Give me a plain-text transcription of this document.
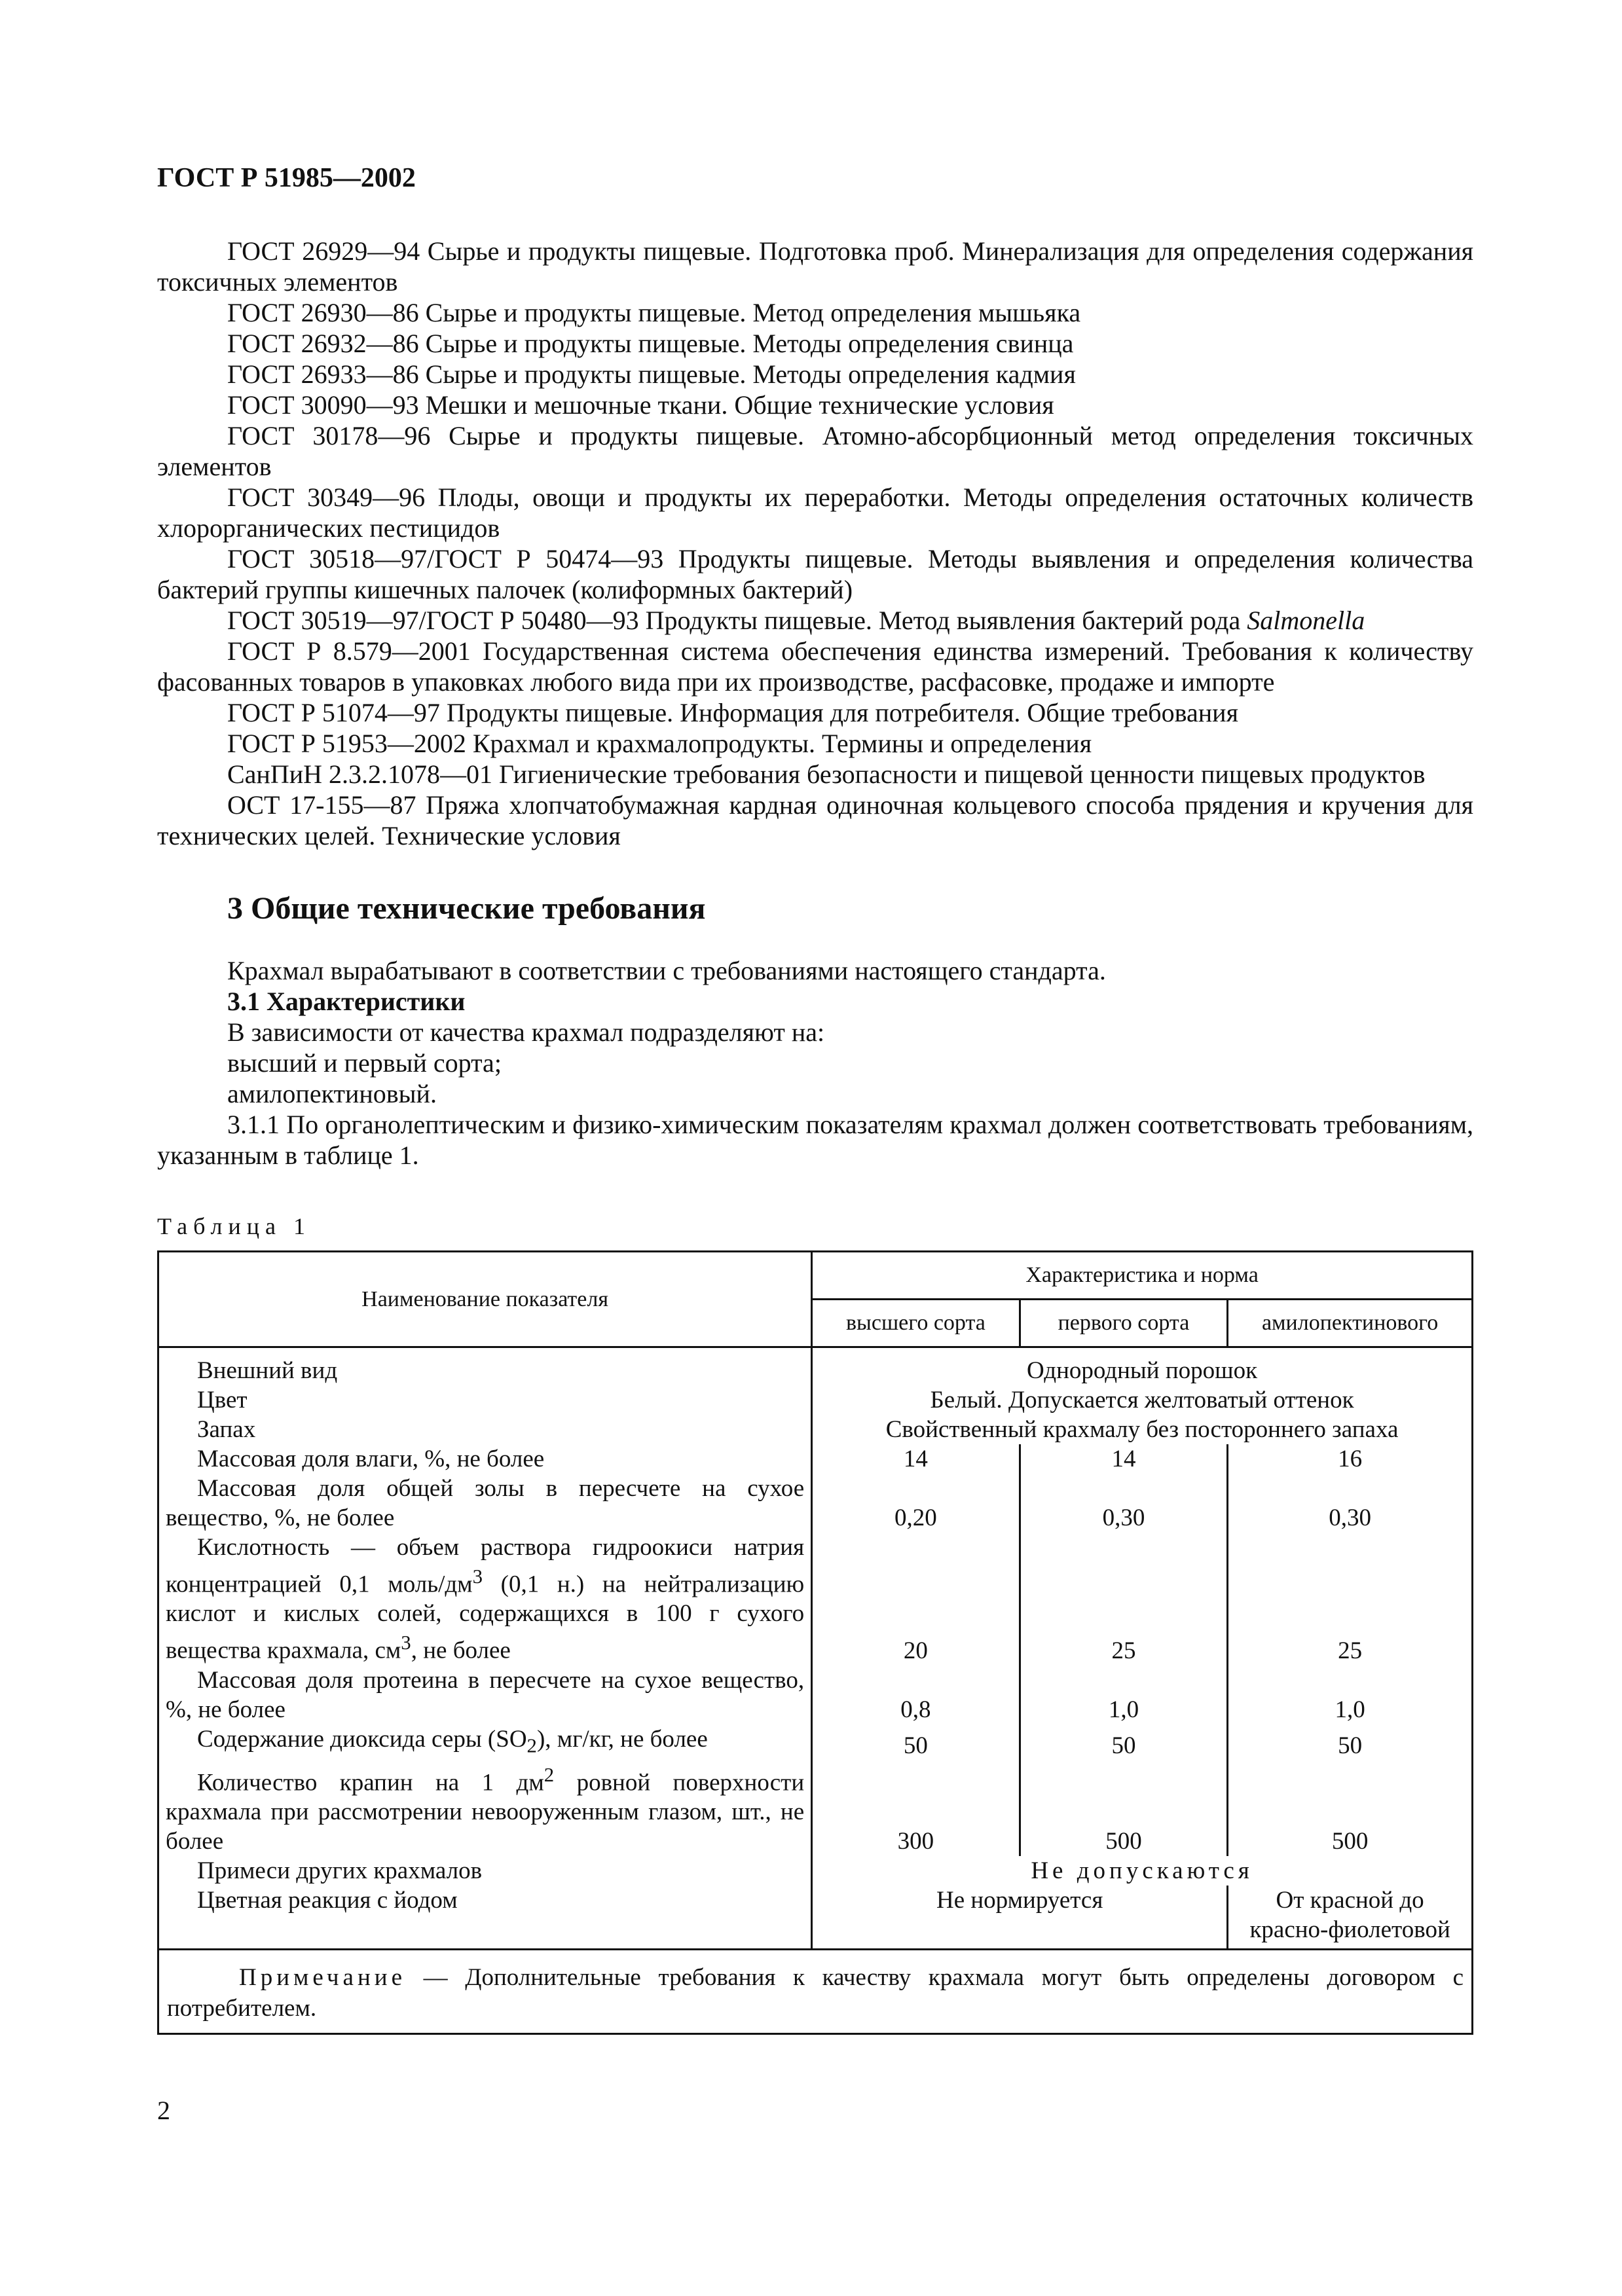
ГОСТ Р 51985—2002

ГОСТ 26929—94 Сырье и продукты пищевые. Подготовка проб. Минерализация для определения содержания токсичных элементов

ГОСТ 26930—86 Сырье и продукты пищевые. Метод определения мышьяка

ГОСТ 26932—86 Сырье и продукты пищевые. Методы определения свинца

ГОСТ 26933—86 Сырье и продукты пищевые. Методы определения кадмия

ГОСТ 30090—93 Мешки и мешочные ткани. Общие технические условия

ГОСТ 30178—96 Сырье и продукты пищевые. Атомно-абсорбционный метод определения токсичных элементов

ГОСТ 30349—96 Плоды, овощи и продукты их переработки. Методы определения остаточных количеств хлорорганических пестицидов

ГОСТ 30518—97/ГОСТ Р 50474—93 Продукты пищевые. Методы выявления и определения количества бактерий группы кишечных палочек (колиформных бактерий)

ГОСТ 30519—97/ГОСТ Р 50480—93 Продукты пищевые. Метод выявления бактерий рода Salmonella

ГОСТ Р 8.579—2001 Государственная система обеспечения единства измерений. Требования к количеству фасованных товаров в упаковках любого вида при их производстве, расфасовке, продаже и импорте

ГОСТ Р 51074—97 Продукты пищевые. Информация для потребителя. Общие требования

ГОСТ Р 51953—2002 Крахмал и крахмалопродукты. Термины и определения

СанПиН 2.3.2.1078—01 Гигиенические требования безопасности и пищевой ценности пищевых продуктов

ОСТ 17-155—87 Пряжа хлопчатобумажная кардная одиночная кольцевого способа прядения и кручения для технических целей. Технические условия

3 Общие технические требования

Крахмал вырабатывают в соответствии с требованиями настоящего стандарта.

3.1 Характеристики

В зависимости от качества крахмал подразделяют на:

высший и первый сорта;

амилопектиновый.

3.1.1 По органолептическим и физико-химическим показателям крахмал должен соответствовать требованиям, указанным в таблице 1.

Таблица 1
Наименование показателя	Характеристика и норма		
	высшего сорта	первого сорта	амилопектинового
Внешний вид	Однородный порошок		
Цвет	Белый. Допускается желтоватый оттенок		
Запах	Свойственный крахмалу без постороннего запаха		
Массовая доля влаги, %, не более	14	14	16
Массовая доля общей золы в пересчете на сухое вещество, %, не более	0,20	0,30	0,30
Кислотность — объем раствора гидроокиси натрия концентрацией 0,1 моль/$дм^3$ (0,1 н.) на нейтрализацию кислот и кислых солей, содержащихся в 100 г сухого вещества крахмала, $см^3$, не более	20	25	25
Массовая доля протеина в пересчете на сухое вещество, %, не более	0,8	1,0	1,0
Содержание диоксида серы $(SO_2)$, мг/кг, не более	50	50	50
Количество крапин на 1 $дм^2$ ровной поверхности крахмала при рассмотрении невооруженным глазом, шт., не более	300	500	500
Примеси других крахмалов	Не допускаются		
Цветная реакция с йодом	Не нормируется		От красной до
красно-фиолетовой
Примечание — Дополнительные требования к качеству крахмала могут быть определены договором с потребителем.			
2
